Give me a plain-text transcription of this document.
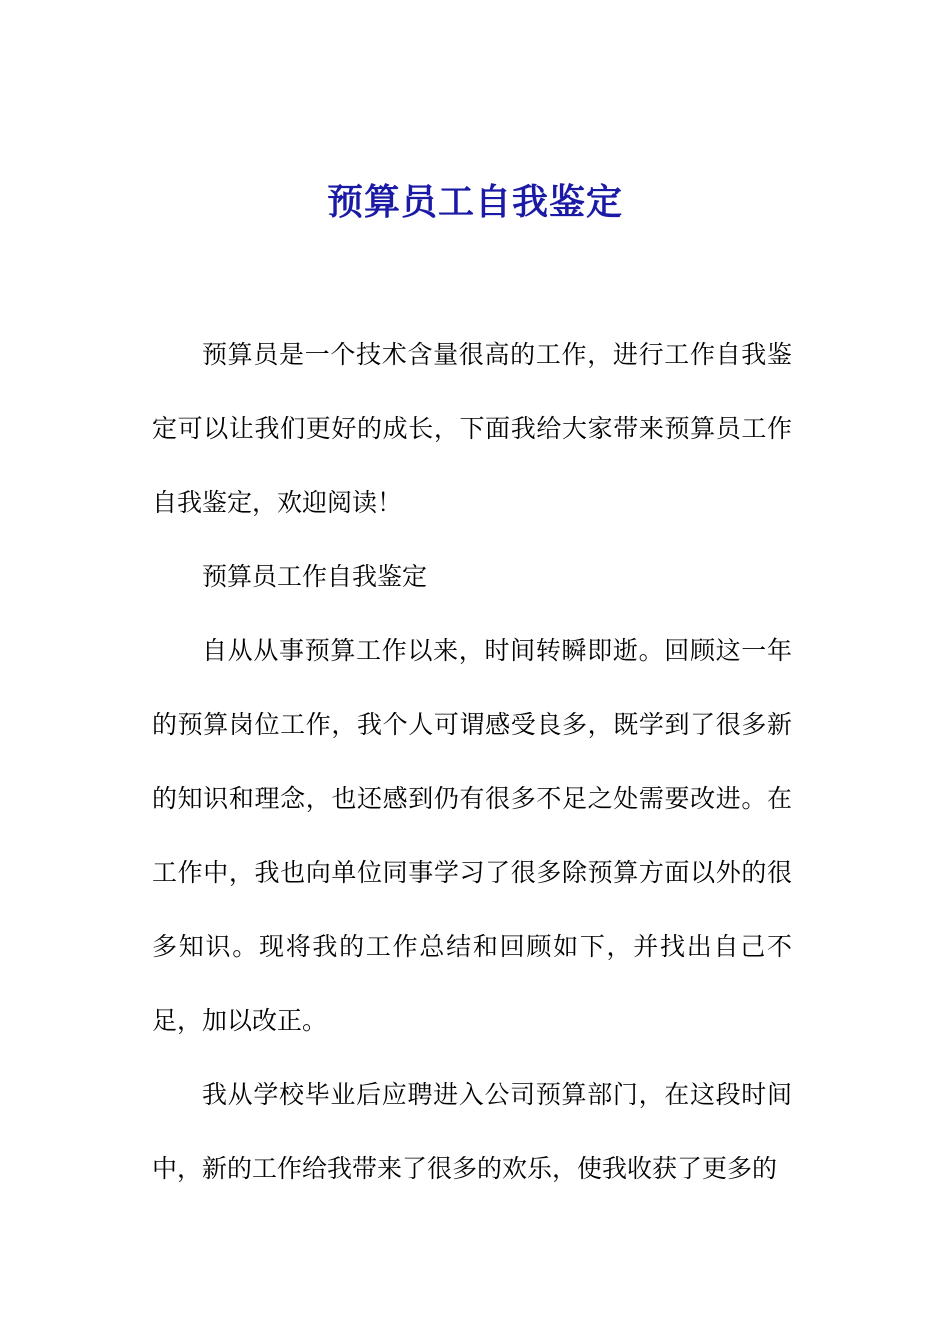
预算员工自我鉴定

预算员是一个技术含量很高的工作，进行工作自我鉴定可以让我们更好的成长，下面我给大家带来预算员工作自我鉴定，欢迎阅读！

预算员工作自我鉴定

自从从事预算工作以来，时间转瞬即逝。回顾这一年的预算岗位工作，我个人可谓感受良多，既学到了很多新的知识和理念，也还感到仍有很多不足之处需要改进。在工作中，我也向单位同事学习了很多除预算方面以外的很多知识。现将我的工作总结和回顾如下，并找出自己不足，加以改正。

我从学校毕业后应聘进入公司预算部门，在这段时间中，新的工作给我带来了很多的欢乐，使我收获了更多的
